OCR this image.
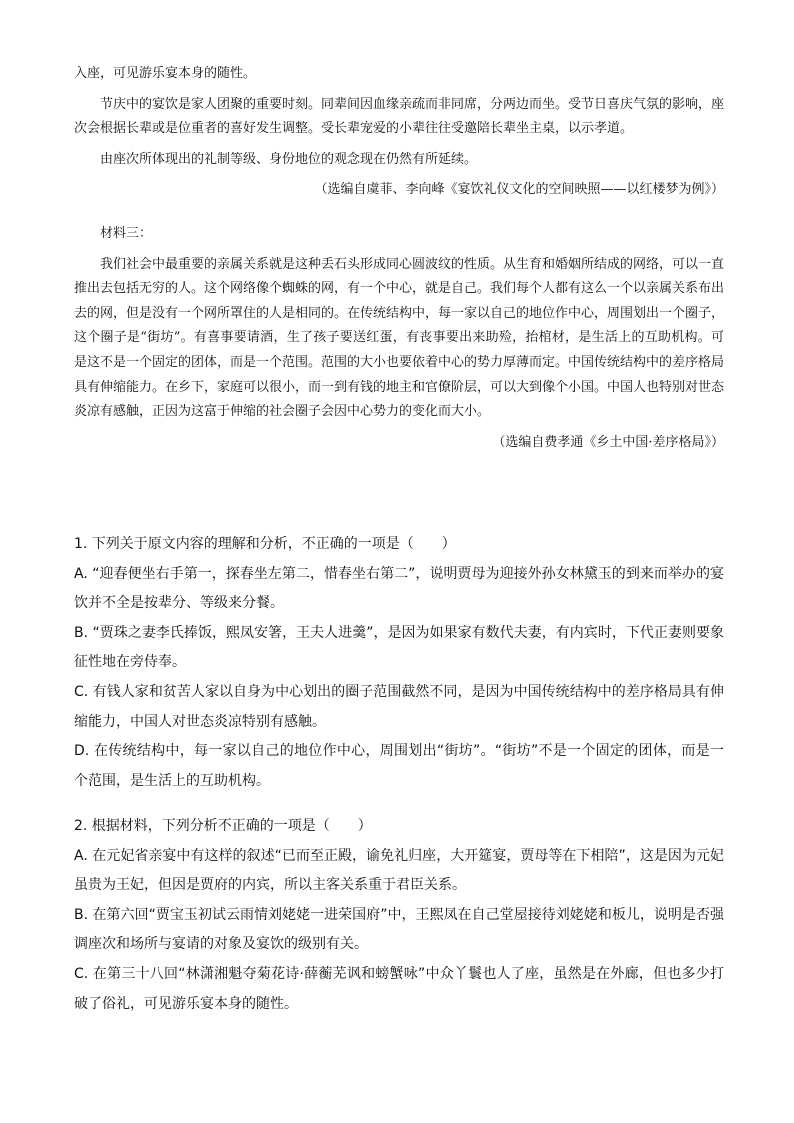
入座，可见游乐宴本身的随性。

节庆中的宴饮是家人团聚的重要时刻。同辈间因血缘亲疏而非同席，分两边而坐。受节日喜庆气氛的影响，座次会根据长辈或是位重者的喜好发生调整。受长辈宠爱的小辈往往受邀陪长辈坐主桌，以示孝道。

由座次所体现出的礼制等级、身份地位的观念现在仍然有所延续。

（选编自虞菲、李向峰《宴饮礼仪文化的空间映照——以红楼梦为例》）

材料三：

我们社会中最重要的亲属关系就是这种丢石头形成同心圆波纹的性质。从生育和婚姻所结成的网络，可以一直推出去包括无穷的人。这个网络像个蜘蛛的网，有一个中心，就是自己。我们每个人都有这么一个以亲属关系布出去的网，但是没有一个网所罩住的人是相同的。在传统结构中，每一家以自己的地位作中心，周围划出一个圈子，这个圈子是“街坊”。有喜事要请酒，生了孩子要送红蛋，有丧事要出来助殓，抬棺材，是生活上的互助机构。可是这不是一个固定的团体，而是一个范围。范围的大小也要依着中心的势力厚薄而定。中国传统结构中的差序格局具有伸缩能力。在乡下，家庭可以很小，而一到有钱的地主和官僚阶层，可以大到像个小国。中国人也特别对世态炎凉有感触，正因为这富于伸缩的社会圈子会因中心势力的变化而大小。

（选编自费孝通《乡土中国·差序格局》）

1. 下列关于原文内容的理解和分析，不正确的一项是（　　）

A. “迎春便坐右手第一，探春坐左第二，惜春坐右第二”，说明贾母为迎接外孙女林黛玉的到来而举办的宴饮并不全是按辈分、等级来分餐。

B. “贾珠之妻李氏捧饭，熙凤安箸，王夫人进羹”，是因为如果家有数代夫妻，有内宾时，下代正妻则要象征性地在旁侍奉。

C. 有钱人家和贫苦人家以自身为中心划出的圈子范围截然不同，是因为中国传统结构中的差序格局具有伸缩能力，中国人对世态炎凉特别有感触。

D. 在传统结构中，每一家以自己的地位作中心，周围划出“街坊”。“街坊”不是一个固定的团体，而是一个范围，是生活上的互助机构。

2. 根据材料，下列分析不正确的一项是（　　）

A. 在元妃省亲宴中有这样的叙述“已而至正殿，谕免礼归座，大开筵宴，贾母等在下相陪”，这是因为元妃虽贵为王妃，但因是贾府的内宾，所以主客关系重于君臣关系。

B. 在第六回“贾宝玉初试云雨情刘姥姥一进荣国府”中，王熙凤在自己堂屋接待刘姥姥和板儿，说明是否强调座次和场所与宴请的对象及宴饮的级别有关。

C. 在第三十八回“林潇湘魁夺菊花诗·薛蘅芜讽和螃蟹咏”中众丫鬟也人了座，虽然是在外廊，但也多少打破了俗礼，可见游乐宴本身的随性。
